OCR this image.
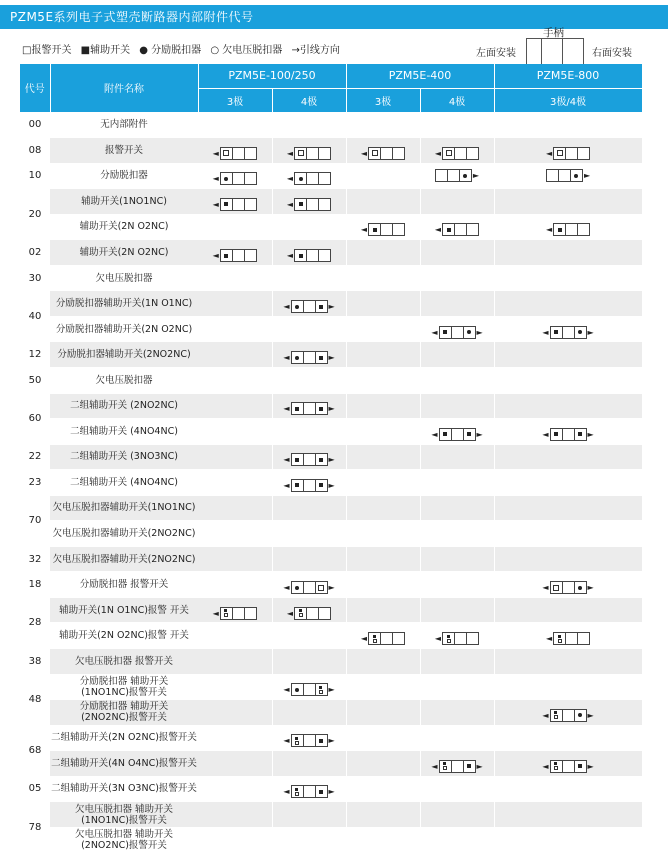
PZM5E系列电子式塑壳断路器内部附件代号
□报警开关 ■辅助开关 ● 分励脱扣器 ○ 欠电压脱扣器 →引线方向
手柄
左面安装	右面安装
代号	附件名称	PZM5E-100/250		PZM5E-400		PZM5E-800
		3极	4极	3极	4极	3极/4极
00	无内部附件					
08	报警开关	◄	◄	◄	◄	◄

10	分励脱扣器	◄	◄		►	►

20	辅助开关(1NO1NC)	◄	◄			

	辅助开关(2N O2NC)			◄	◄	◄

02	辅助开关(2N O2NC)	◄	◄			

30	欠电压脱扣器					
40	分励脱扣器辅助开关(1N O1NC)		◄ ►			

	分励脱扣器辅助开关(2N O2NC)				◄ ►	◄ ►

12	分励脱扣器辅助开关(2NO2NC)		◄ ►			

50	欠电压脱扣器					
60	二组辅助开关 (2NO2NC)		◄ ►			

	二组辅助开关 (4NO4NC)				◄ ►	◄ ►

22	二组辅助开关 (3NO3NC)		◄ ►			

23	二组辅助开关 (4NO4NC)		◄ ►			

70	欠电压脱扣器辅助开关(1NO1NC)					
	欠电压脱扣器辅助开关(2NO2NC)					
32	欠电压脱扣器辅助开关(2NO2NC)					
18	分励脱扣器 报警开关		◄ ►			◄ ►

28	辅助开关(1N O1NC)报警 开关	◄	◄			

	辅助开关(2N O2NC)报警 开关			◄	◄	◄

38	欠电压脱扣器 报警开关					
48	分励脱扣器 辅助开关
(1NO1NC)报警开关		◄ ►			

	分励脱扣器 辅助开关
(2NO2NC)报警开关					◄ ►

68	二组辅助开关(2N O2NC)报警开关		◄ ►			

	二组辅助开关(4N O4NC)报警开关				◄ ►	◄ ►

05	二组辅助开关(3N O3NC)报警开关		◄ ►			

78	欠电压脱扣器 辅助开关
(1NO1NC)报警开关					
	欠电压脱扣器 辅助开关
(2NO2NC)报警开关					
